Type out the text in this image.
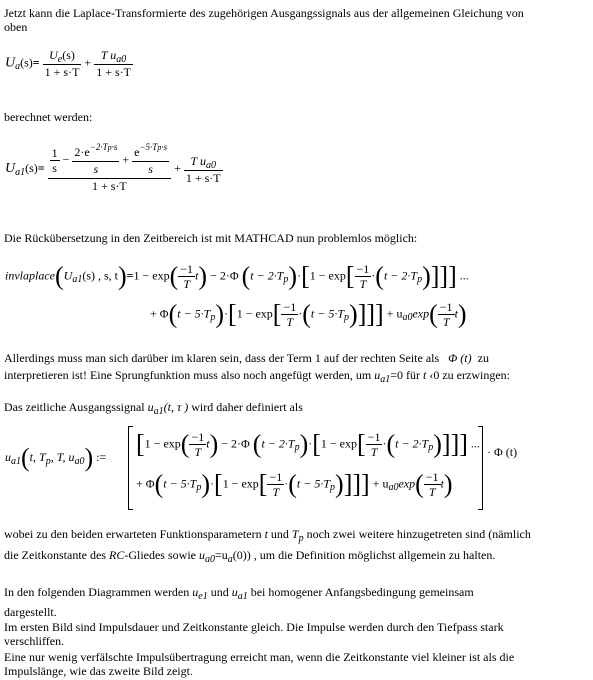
Jetzt kann die Laplace-Transformierte des zugehörigen Ausgangssignals aus der allgemeinen Gleichung von
oben
$U_a(s)= \frac{U_e(s)}{1 + s\cdot T} + \frac{T u_{a0}}{1 + s\cdot T}$
berechnet werden:
$U_{a1}(s)= \frac{\frac{1}{s} - \frac{2\cdot e^{-2\cdot Tp\cdot s}}{s} + \frac{e^{-5\cdot Tp\cdot s}}{s}}{1 + s\cdot T} + \frac{T u_{a0}}{1 + s\cdot T}$
Die Rückübersetzung in den Zeitbereich ist mit MATHCAD nun problemlos möglich:
$invlaplace(U_{a1}(s)$ , s, $t)=1 - \exp( \frac{-1}{T} t) - 2\cdot\Phi$ $(t - 2\cdot T_p)\cdot[1 - \exp[ \frac{-1}{T} \cdot(t - 2\cdot T_p)]]$] ...
+ $\Phi(t - 5\cdot T_p)\cdot[1 - \exp[ \frac{-1}{T} \cdot(t - 5\cdot T_p)]]] + u_{a0}\exp( \frac{-1}{T} t)$
Allerdings muss man sich darüber im klaren sein, dass der Term 1 auf der rechten Seite als Φ (t) zu
interpretieren ist! Eine Sprungfunktion muss also noch angefügt werden, um $u_{a1}=0$ für t ‹0 zu erzwingen:
Das zeitliche Ausgangssignal $u_{a1}(t$, τ ) wird daher definiert als
$u_{a1}(t$, $T_p$, T, $u_{a0}$) := [$1 - \exp( \frac{-1}{T} t) - 2\cdot\Phi$ $(t - 2\cdot T_p)\cdot[1 - \exp[ \frac{-1}{T} \cdot(t - 2\cdot T_p)]]$] ...
+ $\Phi(t - 5\cdot T_p)\cdot[1 - \exp[ \frac{-1}{T} \cdot(t - 5\cdot T_p)]]] + u_{a0}\exp( \frac{-1}{T} t)$
· Φ (t)
wobei zu den beiden erwarteten Funktionsparametern t und $T_p$ noch zwei weitere hinzugetreten sind (nämlich
die Zeitkonstante des RC-Gliedes sowie $u_{a0}=u_a(0)$) , um die Definition möglichst allgemein zu halten.
In den folgenden Diagrammen werden $u_{e1}$ und $u_{a1}$ bei homogener Anfangsbedingung gemeinsam
dargestellt.
Im ersten Bild sind Impulsdauer und Zeitkonstante gleich. Die Impulse werden durch den Tiefpass stark
verschliffen.
Eine nur wenig verfälschte Impulsübertragung erreicht man, wenn die Zeitkonstante viel kleiner ist als die
Impulslänge, wie das zweite Bild zeigt.
